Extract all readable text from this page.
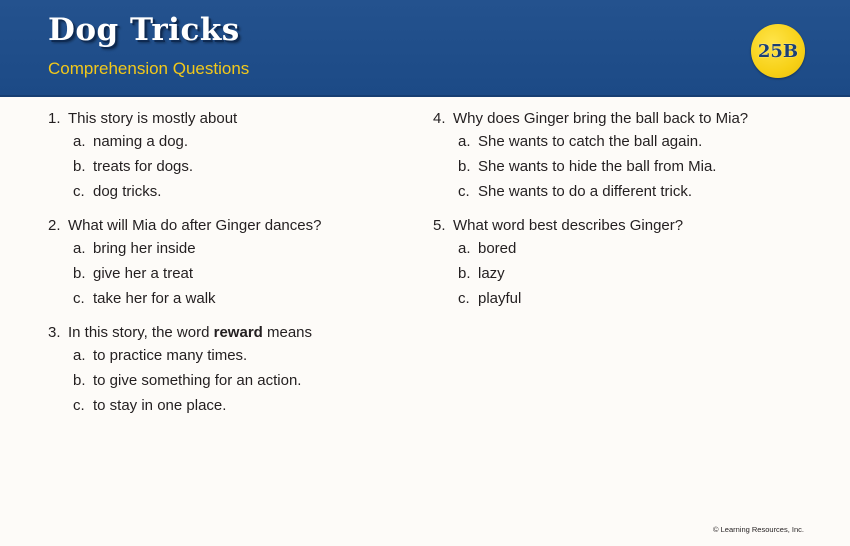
Dog Tricks
Comprehension Questions
25B
1. This story is mostly about
a. naming a dog.
b. treats for dogs.
c. dog tricks.
2. What will Mia do after Ginger dances?
a. bring her inside
b. give her a treat
c. take her for a walk
3. In this story, the word reward means
a. to practice many times.
b. to give something for an action.
c. to stay in one place.
4. Why does Ginger bring the ball back to Mia?
a. She wants to catch the ball again.
b. She wants to hide the ball from Mia.
c. She wants to do a different trick.
5. What word best describes Ginger?
a. bored
b. lazy
c. playful
© Learning Resources, Inc.
